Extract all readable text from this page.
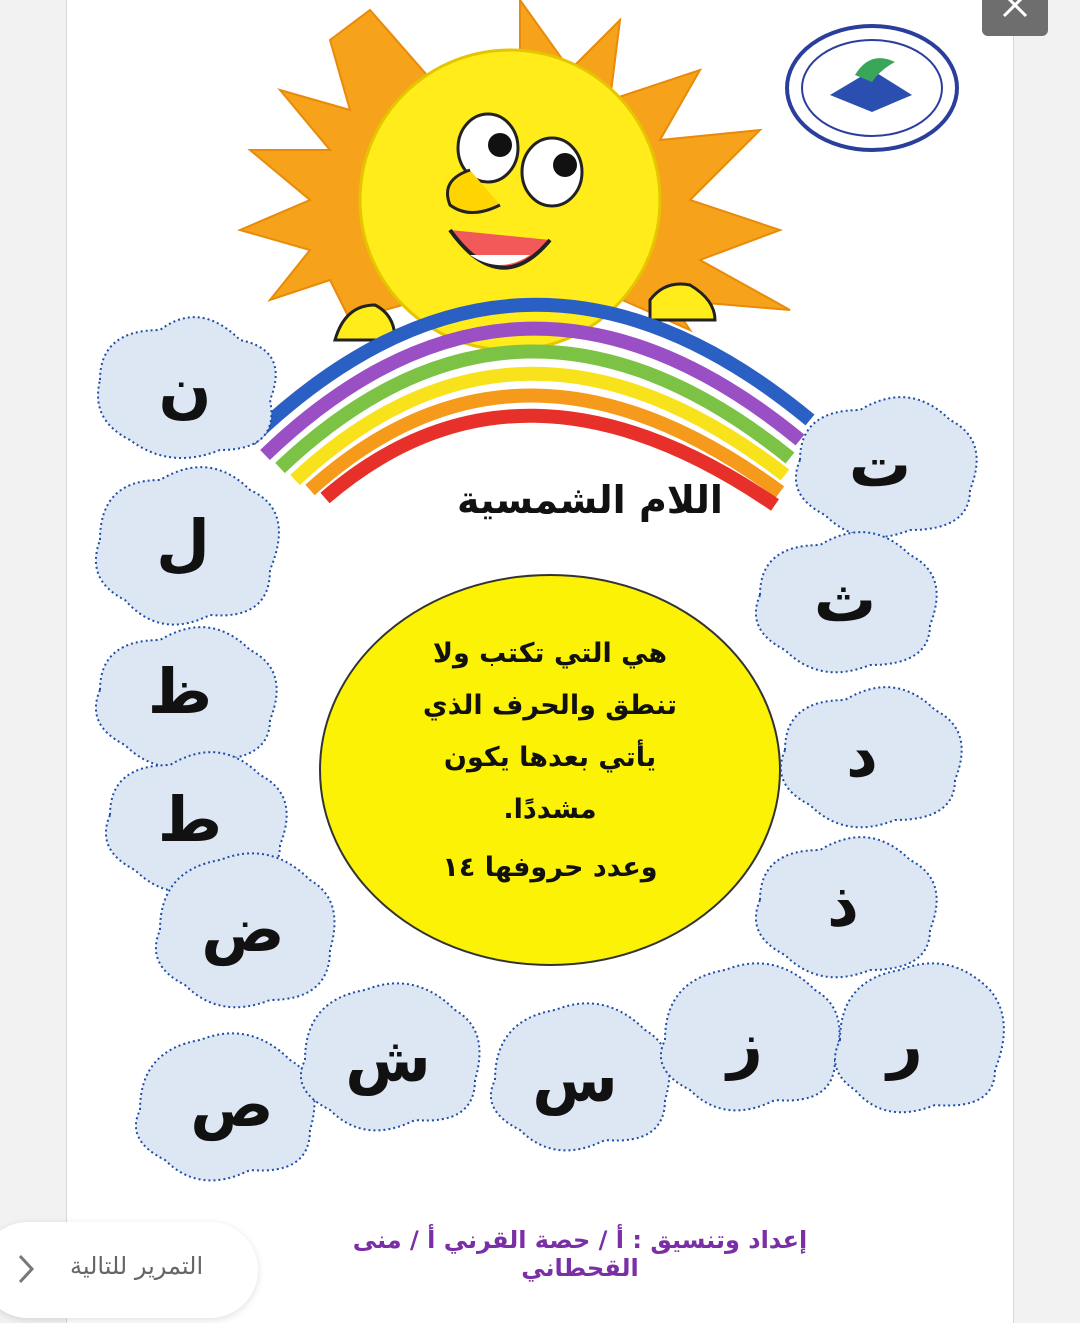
اللام الشمسية
هي التي تكتب ولا
تنطق والحرف الذي
يأتي بعدها يكون
مشددًا.
وعدد حروفها ١٤
ن
ل
ظ
ط
ض
ت
ث
د
ذ
ص
ش س	ز	ر
إعداد وتنسيق : أ / حصة القرني أ / منى القحطاني
التمرير للتالية
